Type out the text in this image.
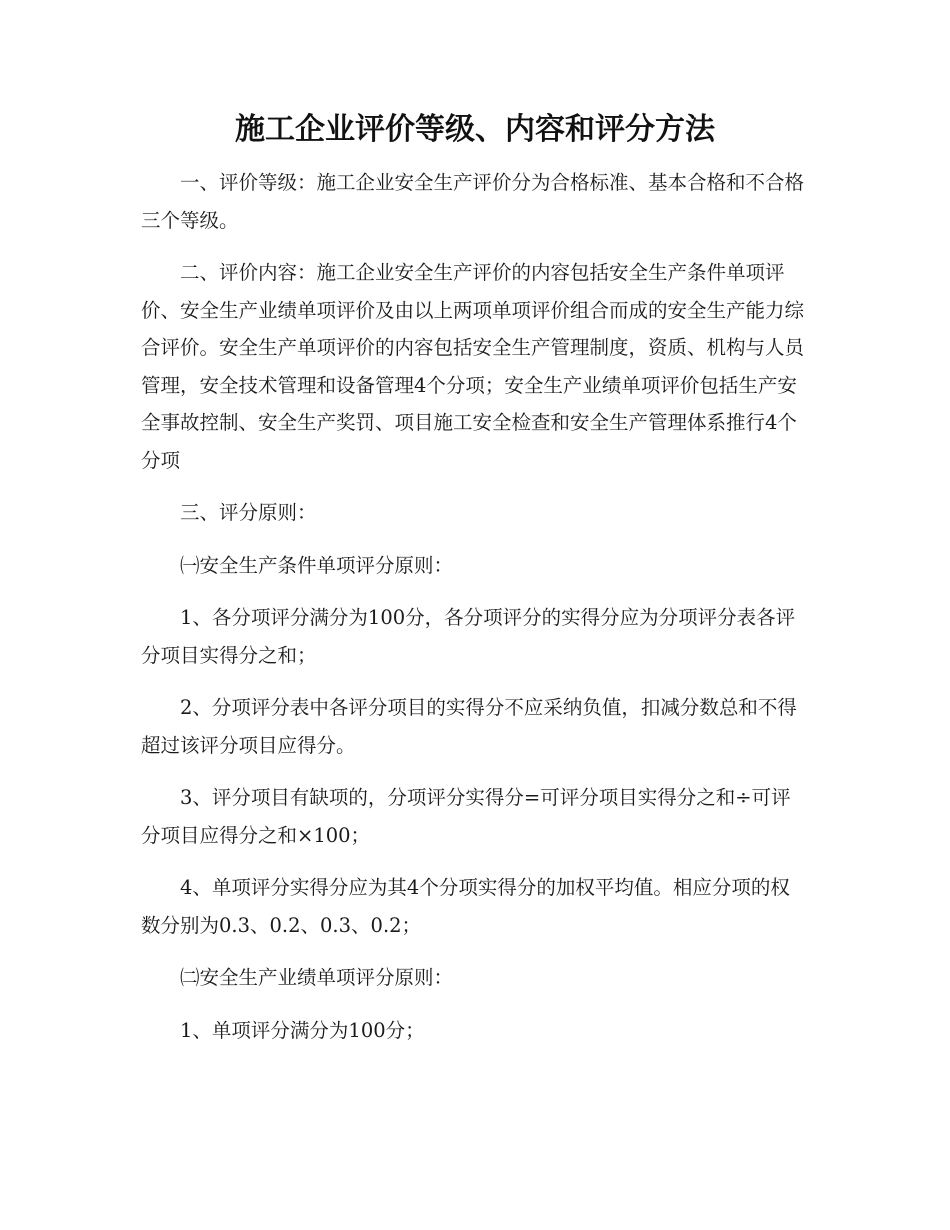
施工企业评价等级、内容和评分方法

一、评价等级：施工企业安全生产评价分为合格标准、基本合格和不合格三个等级。

二、评价内容：施工企业安全生产评价的内容包括安全生产条件单项评价、安全生产业绩单项评价及由以上两项单项评价组合而成的安全生产能力综合评价。安全生产单项评价的内容包括安全生产管理制度，资质、机构与人员管理，安全技术管理和设备管理4个分项；安全生产业绩单项评价包括生产安全事故控制、安全生产奖罚、项目施工安全检查和安全生产管理体系推行4个分项

三、评分原则：

㈠安全生产条件单项评分原则：

1、各分项评分满分为100分，各分项评分的实得分应为分项评分表各评分项目实得分之和；

2、分项评分表中各评分项目的实得分不应采纳负值，扣减分数总和不得超过该评分项目应得分。

3、评分项目有缺项的，分项评分实得分=可评分项目实得分之和÷可评分项目应得分之和×100；

4、单项评分实得分应为其4个分项实得分的加权平均值。相应分项的权数分别为0.3、0.2、0.3、0.2；

㈡安全生产业绩单项评分原则：

1、单项评分满分为100分；
